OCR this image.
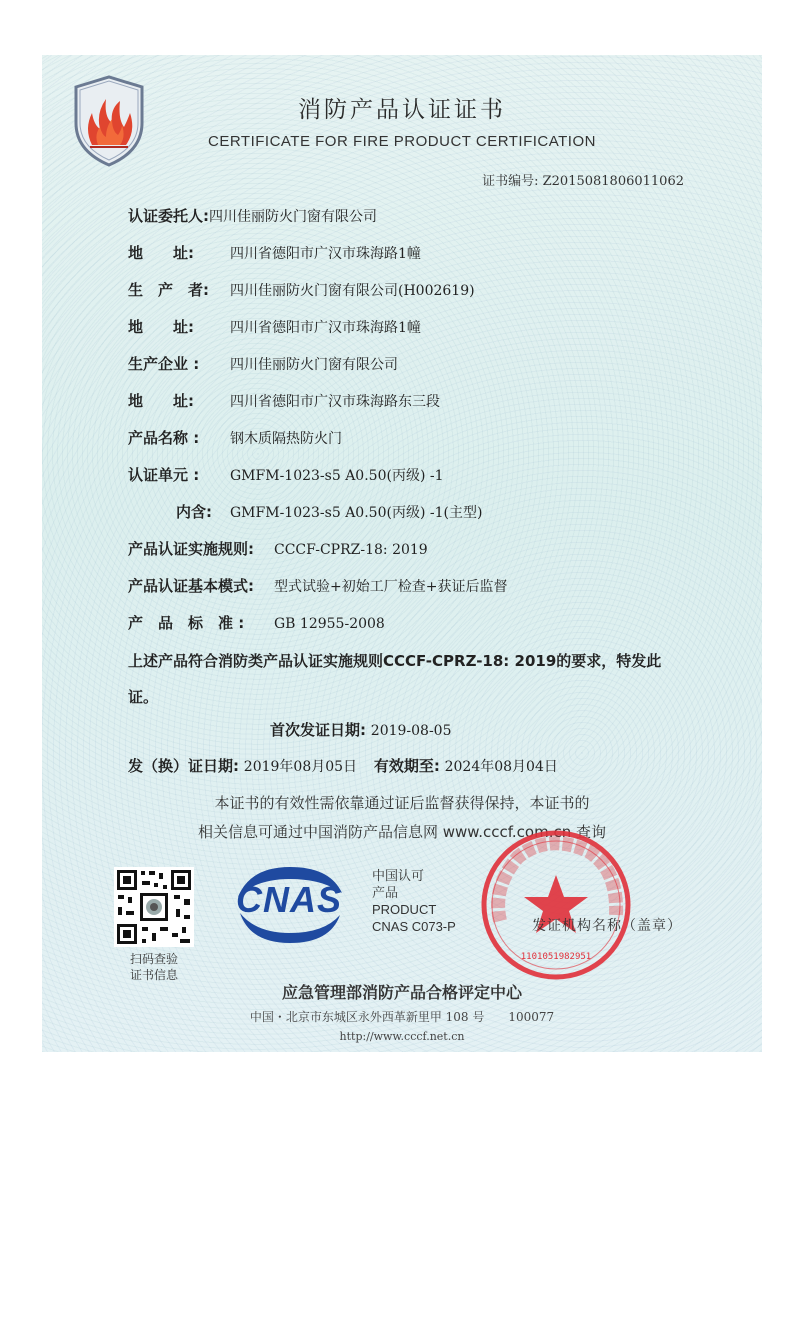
消防产品认证证书
CERTIFICATE FOR FIRE PRODUCT CERTIFICATION
证书编号: Z2015081806011062
认证委托人:四川佳丽防火门窗有限公司
地　　址:	四川省德阳市广汉市珠海路1幢
生　产　者: 四川佳丽防火门窗有限公司(H002619)
地　　址:	四川省德阳市广汉市珠海路1幢
生产企业 : 四川佳丽防火门窗有限公司
地　　址:	四川省德阳市广汉市珠海路东三段
产品名称 : 钢木质隔热防火门
认证单元 : GMFM-1023-s5 A0.50(丙级) -1
内含: GMFM-1023-s5 A0.50(丙级) -1(主型)
产品认证实施规则: CCCF-CPRZ-18: 2019
产品认证基本模式: 型式试验+初始工厂检查+获证后监督
产　品　标　准 : GB 12955-2008
上述产品符合消防类产品认证实施规则CCCF-CPRZ-18: 2019的要求，特发此证。
首次发证日期: 2019-08-05
发（换）证日期: 2019年08月05日 有效期至: 2024年08月04日
本证书的有效性需依靠通过证后监督获得保持，本证书的
相关信息可通过中国消防产品信息网 www.cccf.com.cn 查询
扫码查验
证书信息
CNAS
中国认可
产品
PRODUCT
CNAS C073-P
1101051982951
发证机构名称（盖章）
应急管理部消防产品合格评定中心
中国・北京市东城区永外西革新里甲 108 号　　100077
http://www.cccf.net.cn
